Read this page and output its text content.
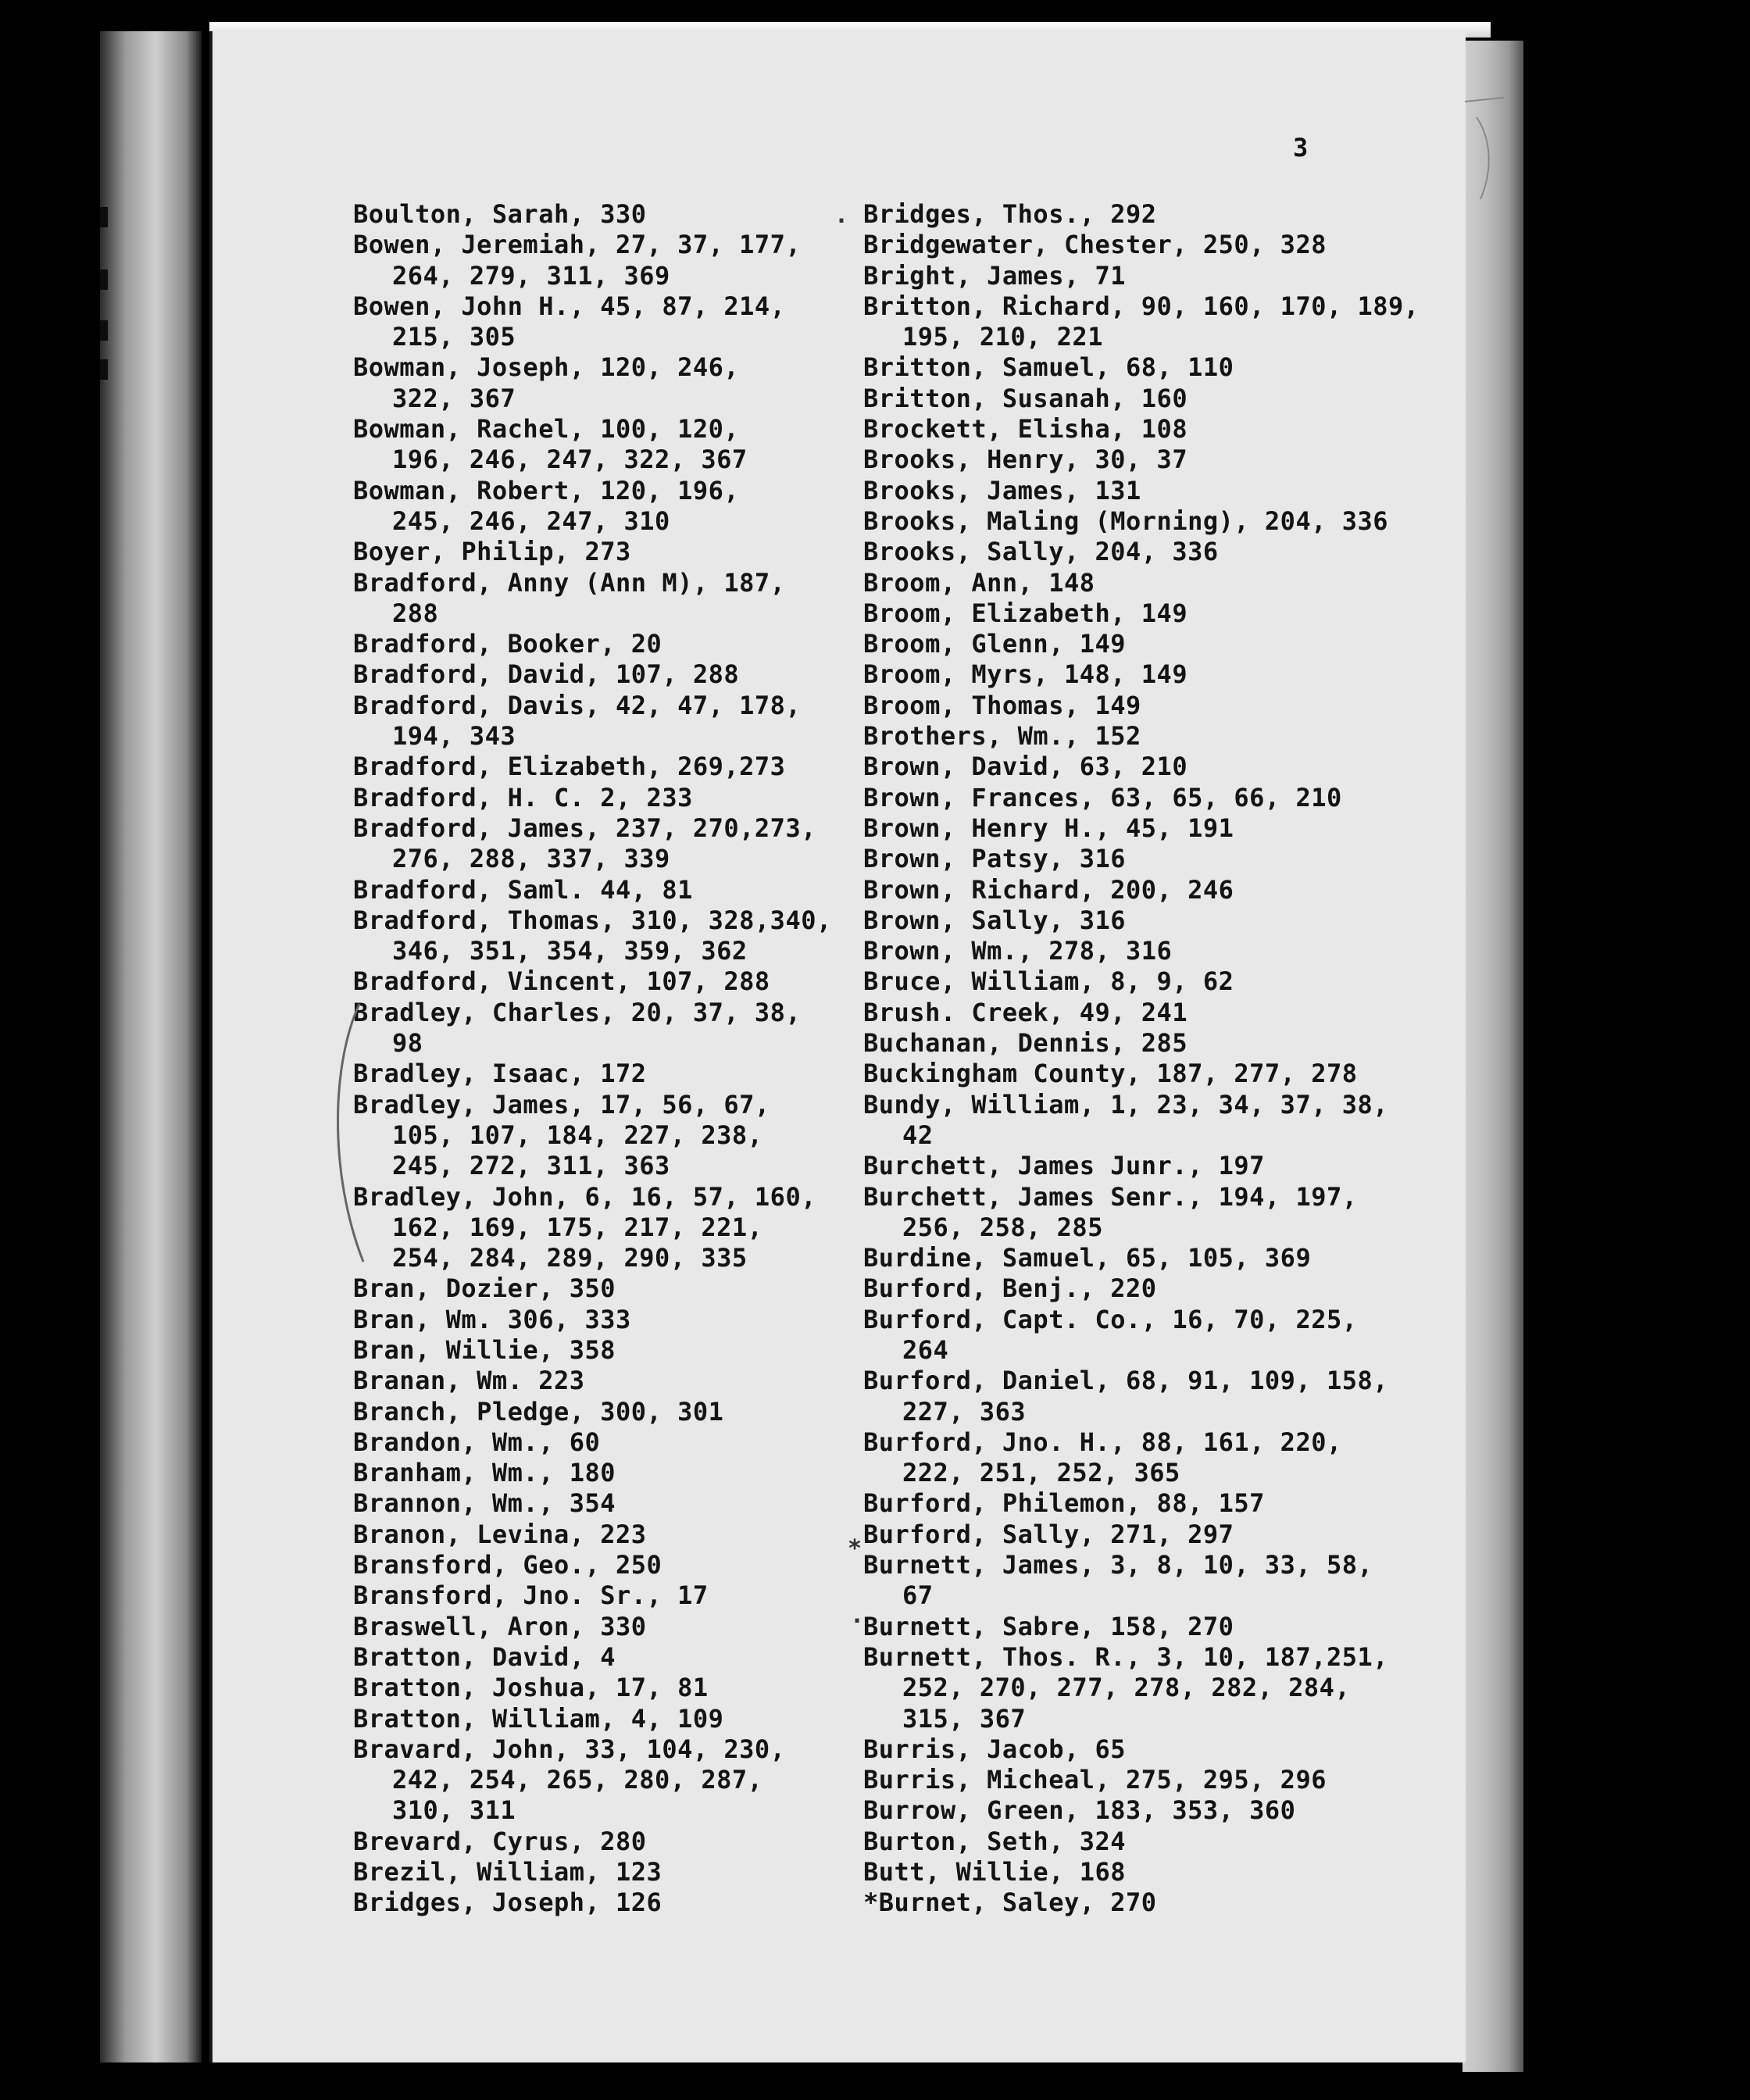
3
Boulton, Sarah, 330
Bowen, Jeremiah, 27, 37, 177,
264, 279, 311, 369
Bowen, John H., 45, 87, 214,
215, 305
Bowman, Joseph, 120, 246,
322, 367
Bowman, Rachel, 100, 120,
196, 246, 247, 322, 367
Bowman, Robert, 120, 196,
245, 246, 247, 310
Boyer, Philip, 273
Bradford, Anny (Ann M), 187,
288
Bradford, Booker, 20
Bradford, David, 107, 288
Bradford, Davis, 42, 47, 178,
194, 343
Bradford, Elizabeth, 269,273
Bradford, H. C. 2, 233
Bradford, James, 237, 270,273,
276, 288, 337, 339
Bradford, Saml. 44, 81
Bradford, Thomas, 310, 328,340,
346, 351, 354, 359, 362
Bradford, Vincent, 107, 288
Bradley, Charles, 20, 37, 38,
98
Bradley, Isaac, 172
Bradley, James, 17, 56, 67,
105, 107, 184, 227, 238,
245, 272, 311, 363
Bradley, John, 6, 16, 57, 160,
162, 169, 175, 217, 221,
254, 284, 289, 290, 335
Bran, Dozier, 350
Bran, Wm. 306, 333
Bran, Willie, 358
Branan, Wm. 223
Branch, Pledge, 300, 301
Brandon, Wm., 60
Branham, Wm., 180
Brannon, Wm., 354
Branon, Levina, 223
Bransford, Geo., 250
Bransford, Jno. Sr., 17
Braswell, Aron, 330
Bratton, David, 4
Bratton, Joshua, 17, 81
Bratton, William, 4, 109
Bravard, John, 33, 104, 230,
242, 254, 265, 280, 287,
310, 311
Brevard, Cyrus, 280
Brezil, William, 123
Bridges, Joseph, 126
Bridges, Thos., 292
Bridgewater, Chester, 250, 328
Bright, James, 71
Britton, Richard, 90, 160, 170, 189,
195, 210, 221
Britton, Samuel, 68, 110
Britton, Susanah, 160
Brockett, Elisha, 108
Brooks, Henry, 30, 37
Brooks, James, 131
Brooks, Maling (Morning), 204, 336
Brooks, Sally, 204, 336
Broom, Ann, 148
Broom, Elizabeth, 149
Broom, Glenn, 149
Broom, Myrs, 148, 149
Broom, Thomas, 149
Brothers, Wm., 152
Brown, David, 63, 210
Brown, Frances, 63, 65, 66, 210
Brown, Henry H., 45, 191
Brown, Patsy, 316
Brown, Richard, 200, 246
Brown, Sally, 316
Brown, Wm., 278, 316
Bruce, William, 8, 9, 62
Brush. Creek, 49, 241
Buchanan, Dennis, 285
Buckingham County, 187, 277, 278
Bundy, William, 1, 23, 34, 37, 38,
42
Burchett, James Junr., 197
Burchett, James Senr., 194, 197,
256, 258, 285
Burdine, Samuel, 65, 105, 369
Burford, Benj., 220
Burford, Capt. Co., 16, 70, 225,
264
Burford, Daniel, 68, 91, 109, 158,
227, 363
Burford, Jno. H., 88, 161, 220,
222, 251, 252, 365
Burford, Philemon, 88, 157
Burford, Sally, 271, 297
Burnett, James, 3, 8, 10, 33, 58,
67
Burnett, Sabre, 158, 270
Burnett, Thos. R., 3, 10, 187,251,
252, 270, 277, 278, 282, 284,
315, 367
Burris, Jacob, 65
Burris, Micheal, 275, 295, 296
Burrow, Green, 183, 353, 360
Burton, Seth, 324
Butt, Willie, 168
*Burnet, Saley, 270
*
.
.
